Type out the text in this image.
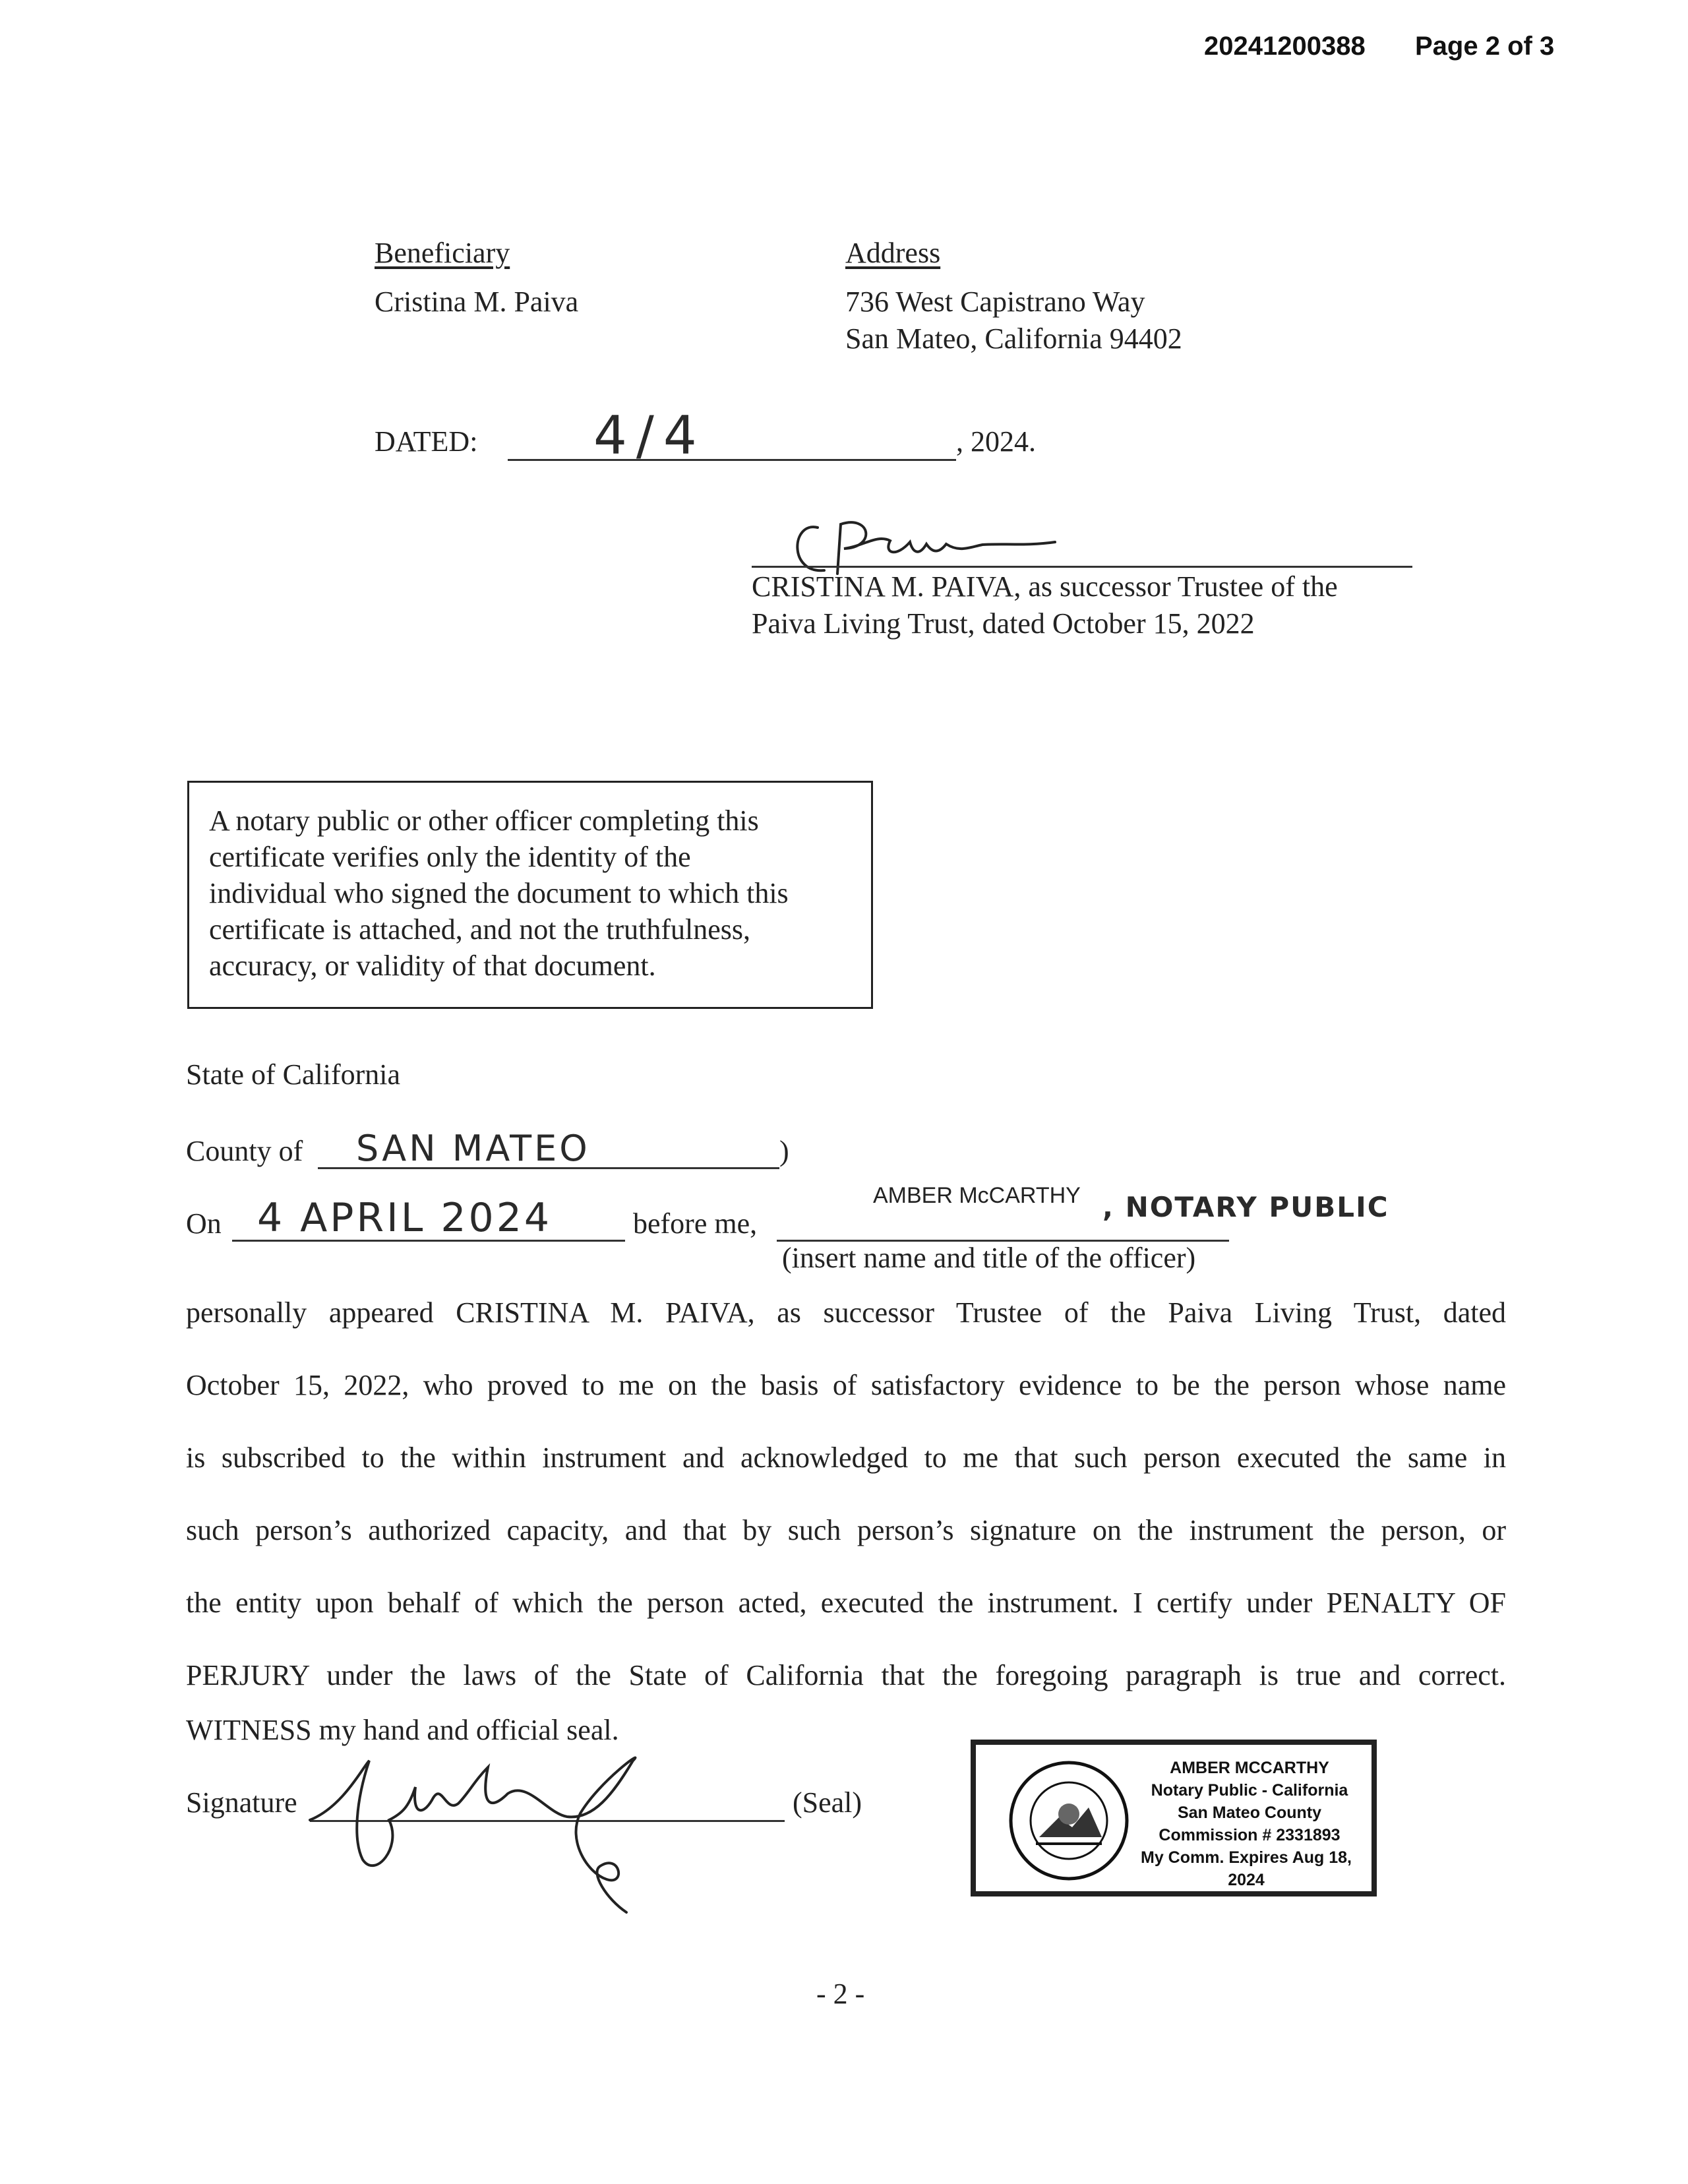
20241200388 Page 2 of 3
Beneficiary	Address
Cristina M. Paiva	736 West Capistrano Way
San Mateo, California 94402
DATED: 4/4	, 2024.
CRISTINA M. PAIVA, as successor Trustee of the
Paiva Living Trust, dated October 15, 2022
A notary public or other officer completing this
certificate verifies only the identity of the
individual who signed the document to which this
certificate is attached, and not the truthfulness,
accuracy, or validity of that document.
State of California
County of SAN MATEO	)
On 4 APRIL 2024	before me,
AMBER McCARTHY , NOTARY PUBLIC
(insert name and title of the officer)
personally appeared CRISTINA M. PAIVA, as successor Trustee of the Paiva Living Trust, dated
October 15, 2022, who proved to me on the basis of satisfactory evidence to be the person whose name
is subscribed to the within instrument and acknowledged to me that such person executed the same in
such person’s authorized capacity, and that by such person’s signature on the instrument the person, or
the entity upon behalf of which the person acted, executed the instrument. I certify under PENALTY OF
PERJURY under the laws of the State of California that the foregoing paragraph is true and correct.
WITNESS my hand and official seal.
Signature	(Seal)
AMBER MCCARTHY
Notary Public - California
San Mateo County
Commission # 2331893
My Comm. Expires Aug 18, 2024
- 2 -
